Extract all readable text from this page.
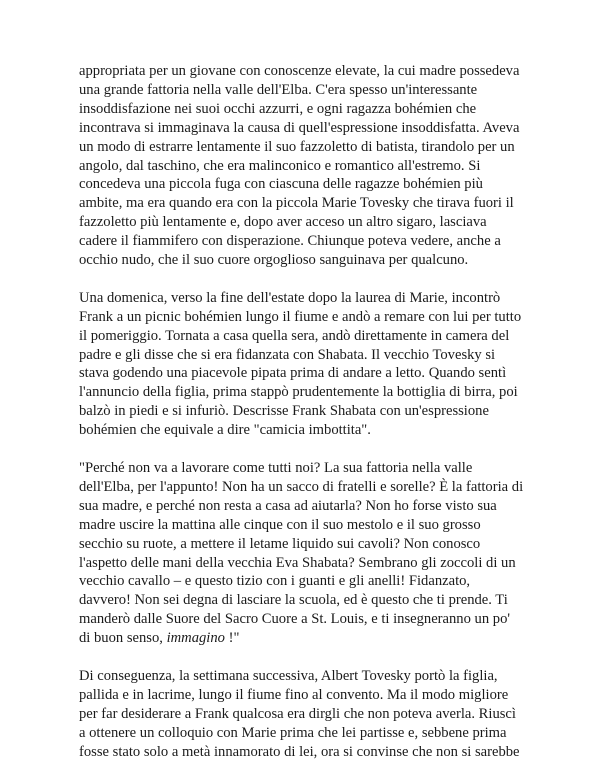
appropriata per un giovane con conoscenze elevate, la cui madre possedeva
una grande fattoria nella valle dell'Elba. C'era spesso un'interessante
insoddisfazione nei suoi occhi azzurri, e ogni ragazza bohémien che
incontrava si immaginava la causa di quell'espressione insoddisfatta. Aveva
un modo di estrarre lentamente il suo fazzoletto di batista, tirandolo per un
angolo, dal taschino, che era malinconico e romantico all'estremo. Si
concedeva una piccola fuga con ciascuna delle ragazze bohémien più
ambite, ma era quando era con la piccola Marie Tovesky che tirava fuori il
fazzoletto più lentamente e, dopo aver acceso un altro sigaro, lasciava
cadere il fiammifero con disperazione. Chiunque poteva vedere, anche a
occhio nudo, che il suo cuore orgoglioso sanguinava per qualcuno.

Una domenica, verso la fine dell'estate dopo la laurea di Marie, incontrò
Frank a un picnic bohémien lungo il fiume e andò a remare con lui per tutto
il pomeriggio. Tornata a casa quella sera, andò direttamente in camera del
padre e gli disse che si era fidanzata con Shabata. Il vecchio Tovesky si
stava godendo una piacevole pipata prima di andare a letto. Quando sentì
l'annuncio della figlia, prima stappò prudentemente la bottiglia di birra, poi
balzò in piedi e si infuriò. Descrisse Frank Shabata con un'espressione
bohémien che equivale a dire "camicia imbottita".

"Perché non va a lavorare come tutti noi? La sua fattoria nella valle
dell'Elba, per l'appunto! Non ha un sacco di fratelli e sorelle? È la fattoria di
sua madre, e perché non resta a casa ad aiutarla? Non ho forse visto sua
madre uscire la mattina alle cinque con il suo mestolo e il suo grosso
secchio su ruote, a mettere il letame liquido sui cavoli? Non conosco
l'aspetto delle mani della vecchia Eva Shabata? Sembrano gli zoccoli di un
vecchio cavallo – e questo tizio con i guanti e gli anelli! Fidanzato,
davvero! Non sei degna di lasciare la scuola, ed è questo che ti prende. Ti
manderò dalle Suore del Sacro Cuore a St. Louis, e ti insegneranno un po'
di buon senso, immagino !"

Di conseguenza, la settimana successiva, Albert Tovesky portò la figlia,
pallida e in lacrime, lungo il fiume fino al convento. Ma il modo migliore
per far desiderare a Frank qualcosa era dirgli che non poteva averla. Riuscì
a ottenere un colloquio con Marie prima che lei partisse e, sebbene prima
fosse stato solo a metà innamorato di lei, ora si convinse che non si sarebbe
